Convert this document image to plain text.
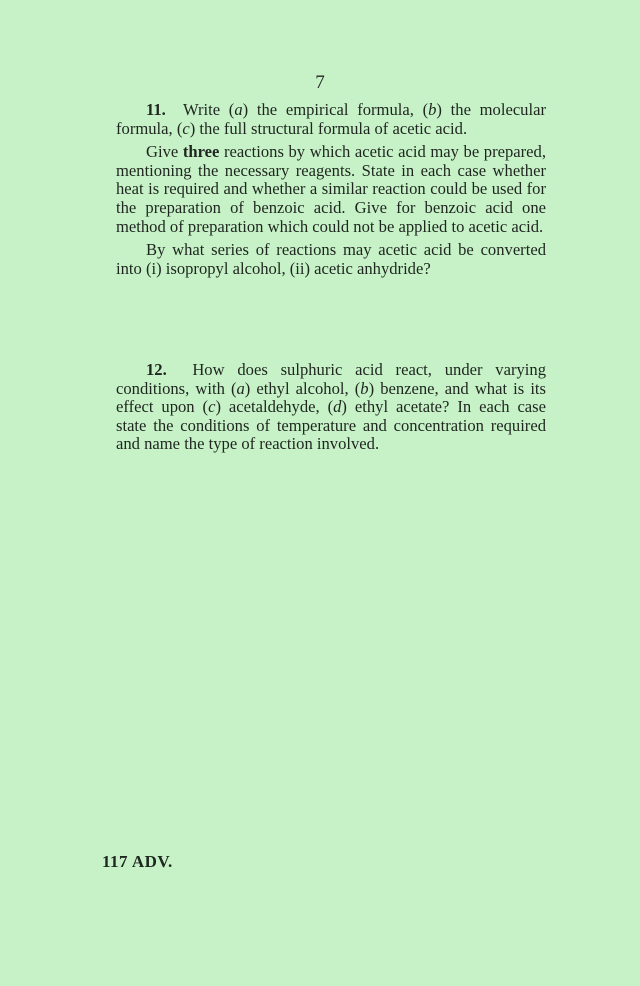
7

11. Write (a) the empirical formula, (b) the molecular formula, (c) the full structural formula of acetic acid.

Give three reactions by which acetic acid may be prepared, mentioning the necessary reagents. State in each case whether heat is required and whether a similar reaction could be used for the preparation of benzoic acid. Give for benzoic acid one method of preparation which could not be applied to acetic acid.

By what series of reactions may acetic acid be converted into (i) isopropyl alcohol, (ii) acetic anhydride?

12. How does sulphuric acid react, under varying conditions, with (a) ethyl alcohol, (b) benzene, and what is its effect upon (c) acetaldehyde, (d) ethyl acetate? In each case state the conditions of temperature and concentration required and name the type of reaction involved.

117 ADV.
